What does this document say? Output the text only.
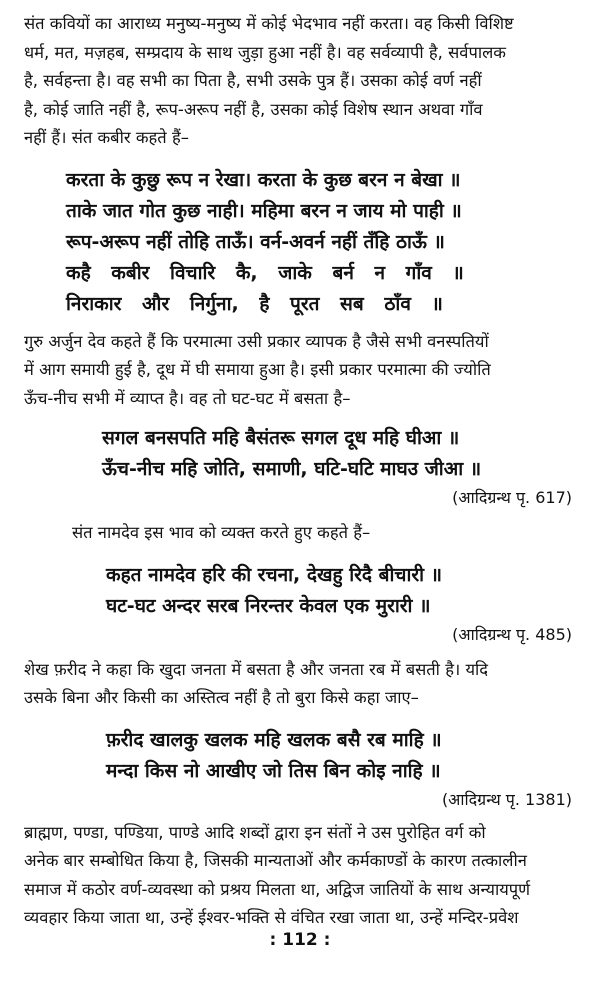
संत कवियों का आराध्य मनुष्य-मनुष्य में कोई भेदभाव नहीं करता। वह किसी विशिष्ट
धर्म, मत, मज़हब, सम्प्रदाय के साथ जुड़ा हुआ नहीं है। वह सर्वव्यापी है, सर्वपालक
है, सर्वहन्ता है। वह सभी का पिता है, सभी उसके पुत्र हैं। उसका कोई वर्ण नहीं
है, कोई जाति नहीं है, रूप-अरूप नहीं है, उसका कोई विशेष स्थान अथवा गाँव
नहीं हैं। संत कबीर कहते हैं–

करता के कुछु रूप न रेखा। करता के कुछ बरन न बेखा ॥
ताके जात गोत कुछ नाही। महिमा बरन न जाय मो पाही ॥
रूप-अरूप नहीं तोहि ताऊँ। वर्न-अवर्न नहीं तँहि ठाऊँ ॥
कहै कबीर विचारि कै, जाके बर्न न गाँव ॥
निराकार और निर्गुना, है पूरत सब ठाँव ॥

गुरु अर्जुन देव कहते हैं कि परमात्मा उसी प्रकार व्यापक है जैसे सभी वनस्पतियों
में आग समायी हुई है, दूध में घी समाया हुआ है। इसी प्रकार परमात्मा की ज्योति
ऊँच-नीच सभी में व्याप्त है। वह तो घट-घट में बसता है–

सगल बनसपति महि बैसंतरू सगल दूध महि घीआ ॥
ऊँच-नीच महि जोति, समाणी, घटि-घटि माघउ जीआ ॥

(आदिग्रन्थ पृ. 617)

संत नामदेव इस भाव को व्यक्त करते हुए कहते हैं–

कहत नामदेव हरि की रचना, देखहु रिदै बीचारी ॥
घट-घट अन्दर सरब निरन्तर केवल एक मुरारी ॥

(आदिग्रन्थ पृ. 485)

शेख फ़रीद ने कहा कि खुदा जनता में बसता है और जनता रब में बसती है। यदि
उसके बिना और किसी का अस्तित्व नहीं है तो बुरा किसे कहा जाए–

फ़रीद खालकु खलक महि खलक बसै रब माहि ॥
मन्दा किस नो आखीए जो तिस बिन कोइ नाहि ॥

(आदिग्रन्थ पृ. 1381)

ब्राह्मण, पण्डा, पण्डिया, पाण्डे आदि शब्दों द्वारा इन संतों ने उस पुरोहित वर्ग को
अनेक बार सम्बोधित किया है, जिसकी मान्यताओं और कर्मकाण्डों के कारण तत्कालीन
समाज में कठोर वर्ण-व्यवस्था को प्रश्रय मिलता था, अद्विज जातियों के साथ अन्यायपूर्ण
व्यवहार किया जाता था, उन्हें ईश्वर-भक्ति से वंचित रखा जाता था, उन्हें मन्दिर-प्रवेश

: 112 :
